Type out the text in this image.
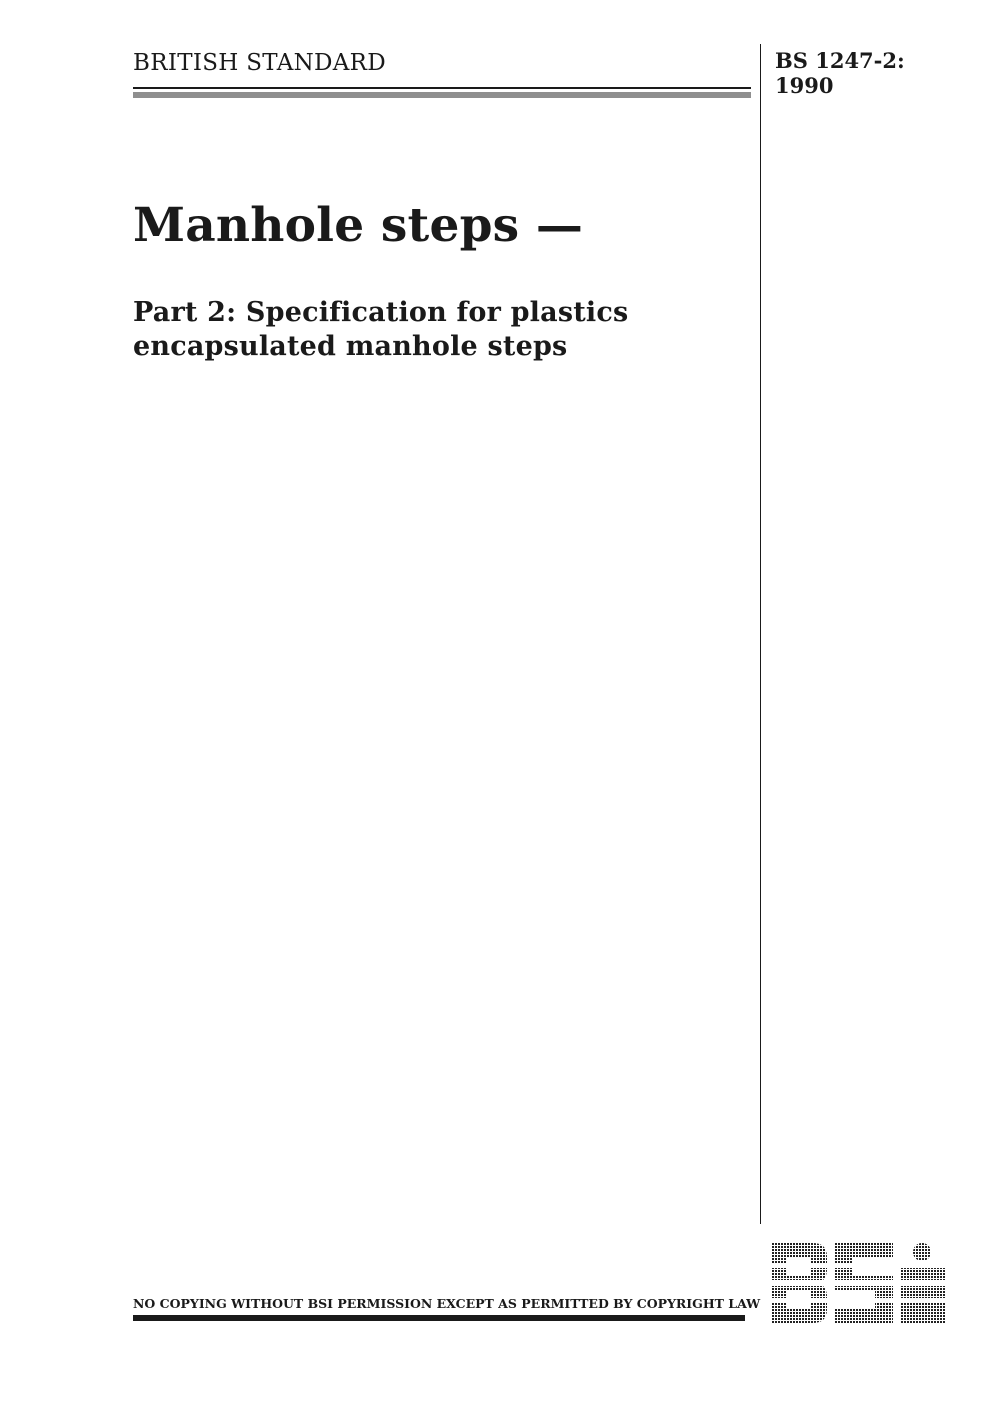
BRITISH STANDARD	BS 1247-2:
1990
Manhole steps —
Part 2: Specification for plastics
encapsulated manhole steps
NO COPYING WITHOUT BSI PERMISSION EXCEPT AS PERMITTED BY COPYRIGHT LAW
